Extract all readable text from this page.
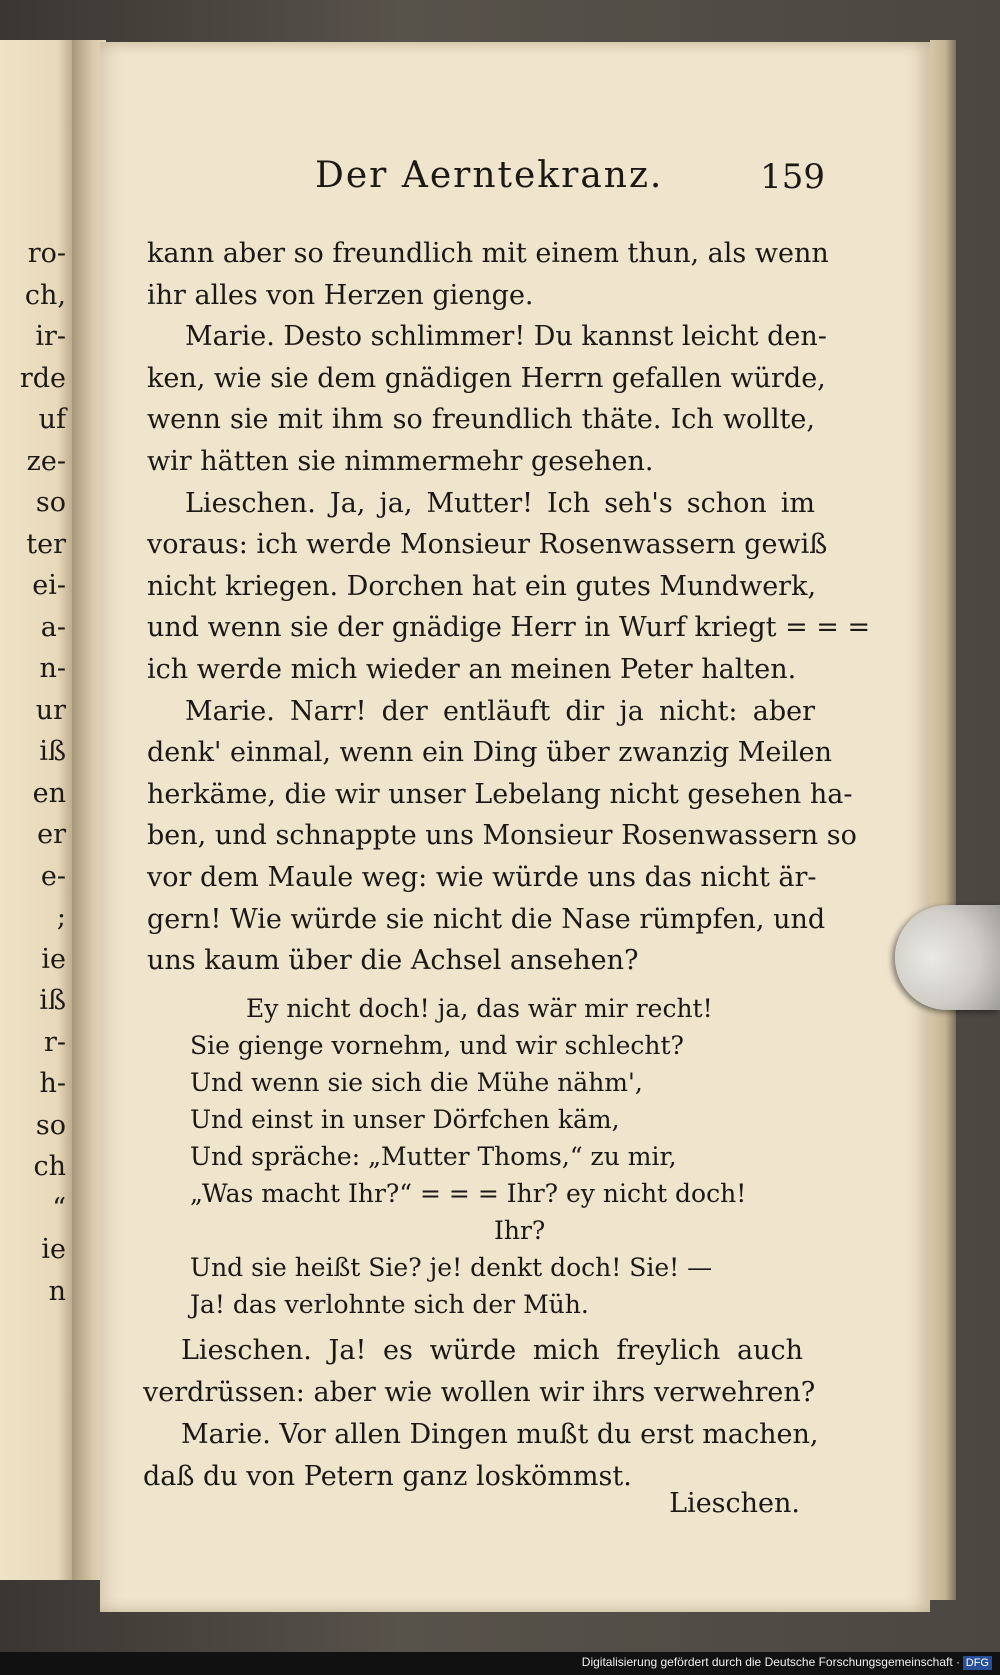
ro-
ch,
ir-
rde
uf
ze-
so
ter
ei-
a-
n-
ur
iß
en
er
e-
;
ie
iß
r-
h-
so
ch
“
ie
n
Der Aerntekranz.	159
kann aber so freundlich mit einem thun, als wenn
ihr alles von Herzen gienge.
Marie. Desto schlimmer! Du kannst leicht den-
ken, wie sie dem gnädigen Herrn gefallen würde,
wenn sie mit ihm so freundlich thäte. Ich wollte,
wir hätten sie nimmermehr gesehen.
Lieschen. Ja, ja, Mutter! Ich seh's schon im
voraus: ich werde Monsieur Rosenwassern gewiß
nicht kriegen. Dorchen hat ein gutes Mundwerk,
und wenn sie der gnädige Herr in Wurf kriegt = = =
ich werde mich wieder an meinen Peter halten.
Marie. Narr! der entläuft dir ja nicht: aber
denk' einmal, wenn ein Ding über zwanzig Meilen
herkäme, die wir unser Lebelang nicht gesehen ha-
ben, und schnappte uns Monsieur Rosenwassern so
vor dem Maule weg: wie würde uns das nicht är-
gern! Wie würde sie nicht die Nase rümpfen, und
uns kaum über die Achsel ansehen?
Ey nicht doch! ja, das wär mir recht!
Sie gienge vornehm, und wir schlecht?
Und wenn sie sich die Mühe nähm',
Und einst in unser Dörfchen käm,
Und spräche: „Mutter Thoms,“ zu mir,
„Was macht Ihr?“ = = = Ihr? ey nicht doch!
Ihr?
Und sie heißt Sie? je! denkt doch! Sie! —
Ja! das verlohnte sich der Müh.
Lieschen. Ja! es würde mich freylich auch
verdrüssen: aber wie wollen wir ihrs verwehren?
Marie. Vor allen Dingen mußt du erst machen,
daß du von Petern ganz loskömmst.
Lieschen.
Digitalisierung gefördert durch die Deutsche Forschungsgemeinschaft · DFG
